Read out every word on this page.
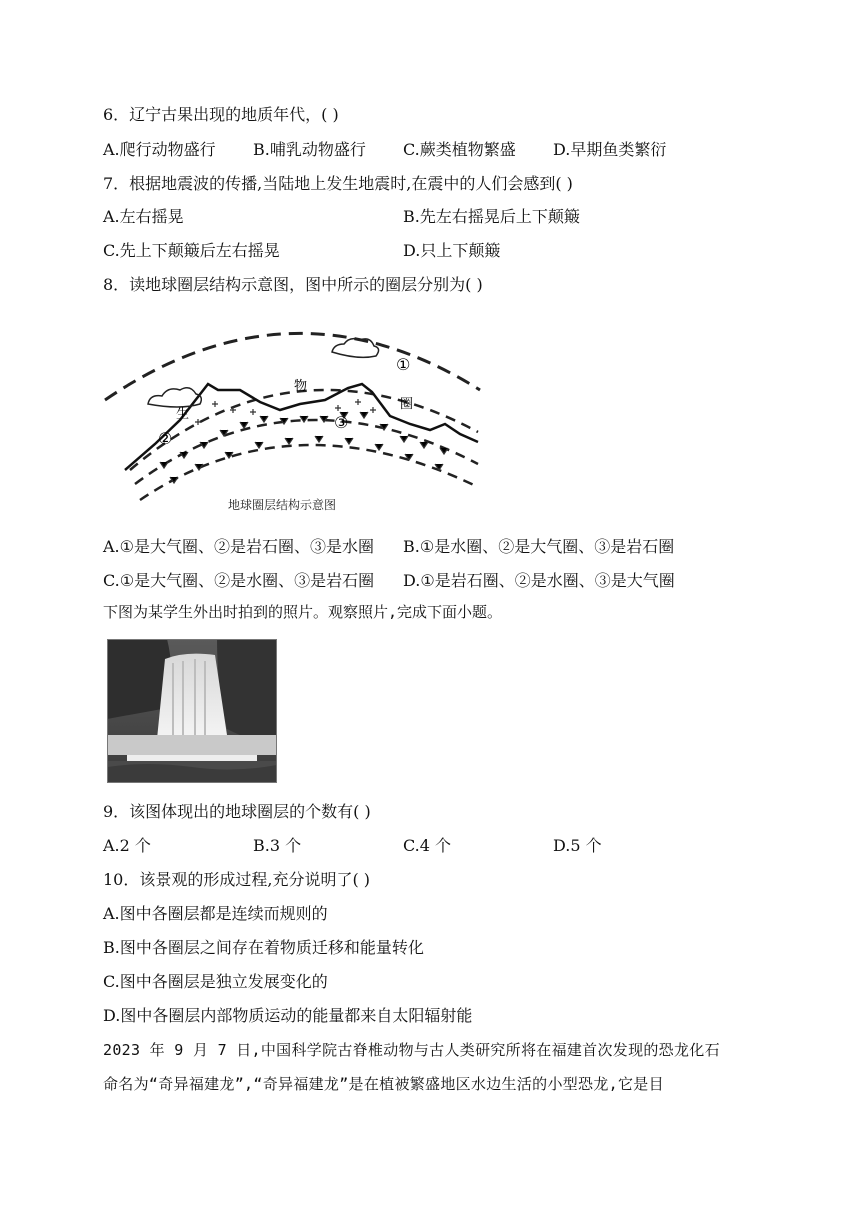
6．辽宁古果出现的地质年代，( )
A.爬行动物盛行 B.哺乳动物盛行 C.蕨类植物繁盛 D.早期鱼类繁衍
7．根据地震波的传播,当陆地上发生地震时,在震中的人们会感到( )
A.左右摇晃	B.先左右摇晃后上下颠簸
C.先上下颠簸后左右摇晃	D.只上下颠簸
8．读地球圈层结构示意图，图中所示的圈层分别为( )
①
②
③
生
物
圈
地球圈层结构示意图
A.①是大气圈、②是岩石圈、③是水圈 B.①是水圈、②是大气圈、③是岩石圈
C.①是大气圈、②是水圈、③是岩石圈 D.①是岩石圈、②是水圈、③是大气圈
下图为某学生外出时拍到的照片。观察照片,完成下面小题。
9．该图体现出的地球圈层的个数有( )
A.2 个	B.3 个	C.4 个	D.5 个
10．该景观的形成过程,充分说明了( )
A.图中各圈层都是连续而规则的
B.图中各圈层之间存在着物质迁移和能量转化
C.图中各圈层是独立发展变化的
D.图中各圈层内部物质运动的能量都来自太阳辐射能
2023 年 9 月 7 日,中国科学院古脊椎动物与古人类研究所将在福建首次发现的恐龙化石
命名为“奇异福建龙”,“奇异福建龙”是在植被繁盛地区水边生活的小型恐龙,它是目
